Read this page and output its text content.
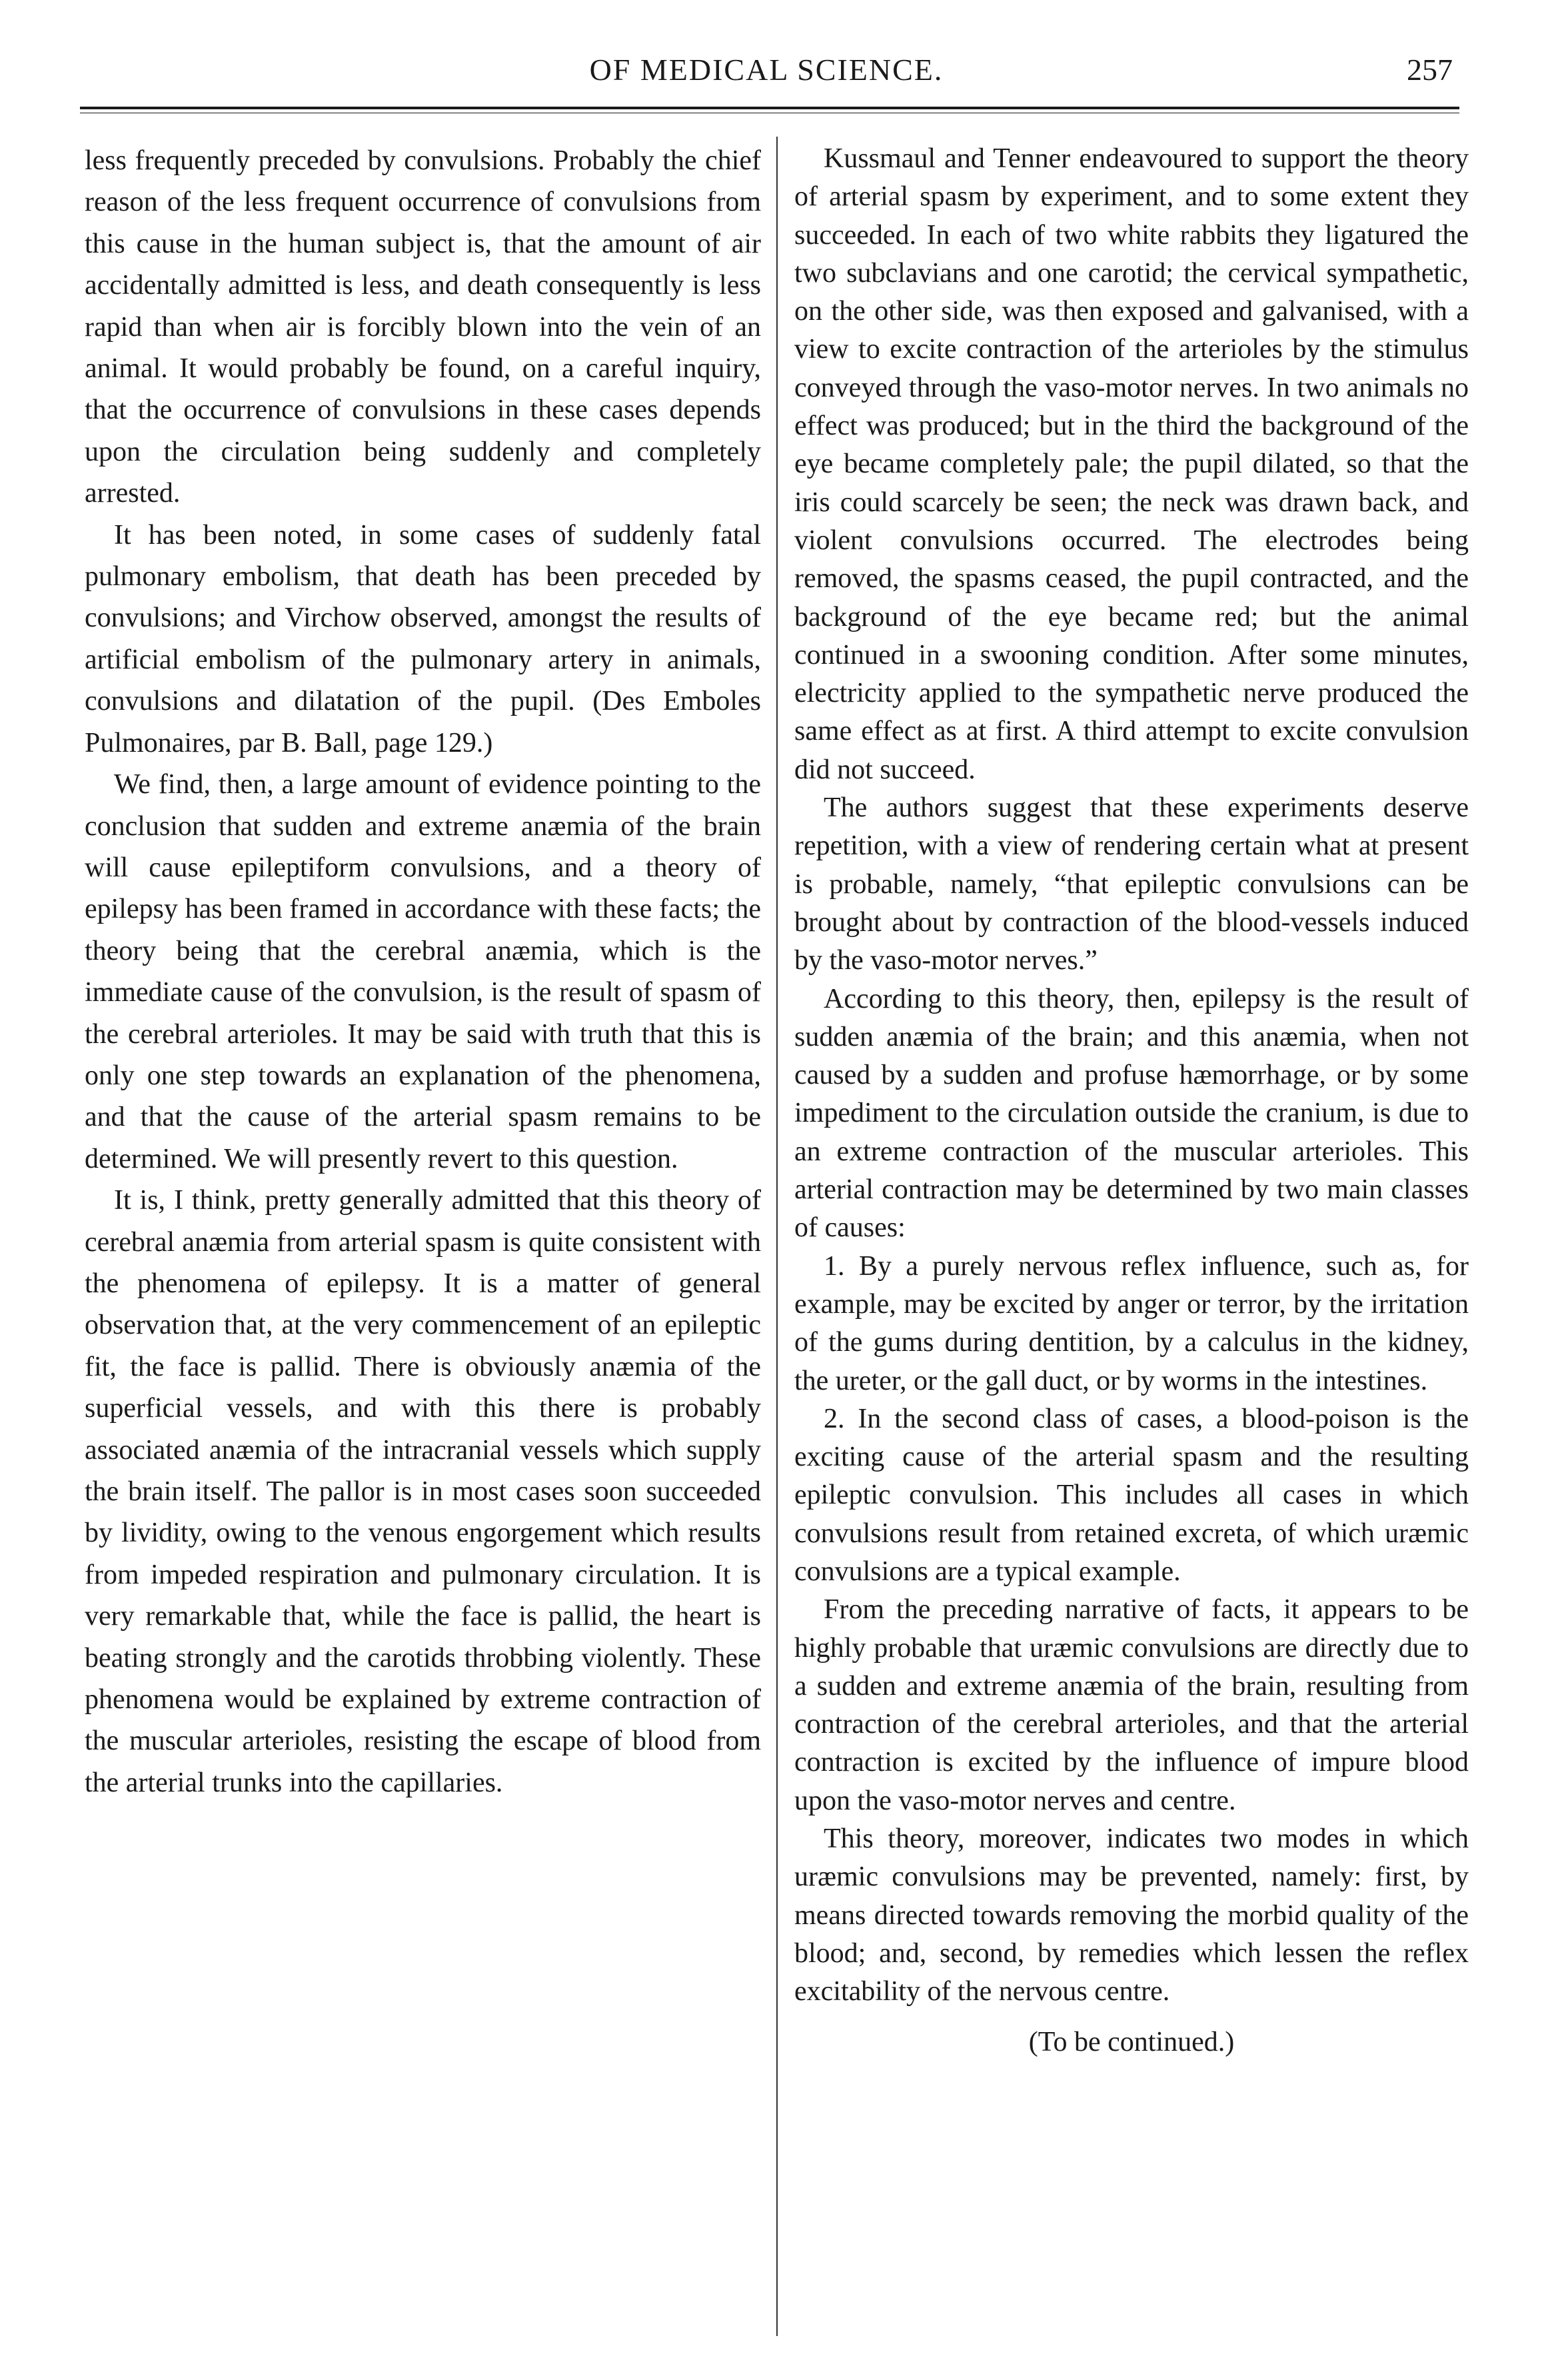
OF MEDICAL SCIENCE.	257

less frequently preceded by convulsions. Probably the chief reason of the less frequent occurrence of convulsions from this cause in the human subject is, that the amount of air accidentally admitted is less, and death consequently is less rapid than when air is forcibly blown into the vein of an animal. It would probably be found, on a careful inquiry, that the occurrence of convulsions in these cases depends upon the circulation being suddenly and completely arrested.

It has been noted, in some cases of suddenly fatal pulmonary embolism, that death has been preceded by convulsions; and Virchow observed, amongst the results of artificial embolism of the pulmonary artery in animals, convulsions and dilatation of the pupil. (Des Emboles Pulmonaires, par B. Ball, page 129.)

We find, then, a large amount of evidence pointing to the conclusion that sudden and extreme anæmia of the brain will cause epileptiform convulsions, and a theory of epilepsy has been framed in accordance with these facts; the theory being that the cerebral anæmia, which is the immediate cause of the convulsion, is the result of spasm of the cerebral arterioles. It may be said with truth that this is only one step towards an explanation of the phenomena, and that the cause of the arterial spasm remains to be determined. We will presently revert to this question.

It is, I think, pretty generally admitted that this theory of cerebral anæmia from arterial spasm is quite consistent with the phenomena of epilepsy. It is a matter of general observation that, at the very commencement of an epileptic fit, the face is pallid. There is obviously anæmia of the superficial vessels, and with this there is probably associated anæmia of the intracranial vessels which supply the brain itself. The pallor is in most cases soon succeeded by lividity, owing to the venous engorgement which results from impeded respiration and pulmonary circulation. It is very remarkable that, while the face is pallid, the heart is beating strongly and the carotids throbbing violently. These phenomena would be explained by extreme contraction of the muscular arterioles, resisting the escape of blood from the arterial trunks into the capillaries.

Kussmaul and Tenner endeavoured to support the theory of arterial spasm by experiment, and to some extent they succeeded. In each of two white rabbits they ligatured the two subclavians and one carotid; the cervical sympathetic, on the other side, was then exposed and galvanised, with a view to excite contraction of the arterioles by the stimulus conveyed through the vaso-motor nerves. In two animals no effect was produced; but in the third the background of the eye became completely pale; the pupil dilated, so that the iris could scarcely be seen; the neck was drawn back, and violent convulsions occurred. The electrodes being removed, the spasms ceased, the pupil contracted, and the background of the eye became red; but the animal continued in a swooning condition. After some minutes, electricity applied to the sympathetic nerve produced the same effect as at first. A third attempt to excite convulsion did not succeed.

The authors suggest that these experiments deserve repetition, with a view of rendering certain what at present is probable, namely, “that epileptic convulsions can be brought about by contraction of the blood-vessels induced by the vaso-motor nerves.”

According to this theory, then, epilepsy is the result of sudden anæmia of the brain; and this anæmia, when not caused by a sudden and profuse hæmorrhage, or by some impediment to the circulation outside the cranium, is due to an extreme contraction of the muscular arterioles. This arterial contraction may be determined by two main classes of causes:

1. By a purely nervous reflex influence, such as, for example, may be excited by anger or terror, by the irritation of the gums during dentition, by a calculus in the kidney, the ureter, or the gall duct, or by worms in the intestines.

2. In the second class of cases, a blood-poison is the exciting cause of the arterial spasm and the resulting epileptic convulsion. This includes all cases in which convulsions result from retained excreta, of which uræmic convulsions are a typical example.

From the preceding narrative of facts, it appears to be highly probable that uræmic convulsions are directly due to a sudden and extreme anæmia of the brain, resulting from contraction of the cerebral arterioles, and that the arterial contraction is excited by the influence of impure blood upon the vaso-motor nerves and centre.

This theory, moreover, indicates two modes in which uræmic convulsions may be prevented, namely: first, by means directed towards removing the morbid quality of the blood; and, second, by remedies which lessen the reflex excitability of the nervous centre.

(To be continued.)
